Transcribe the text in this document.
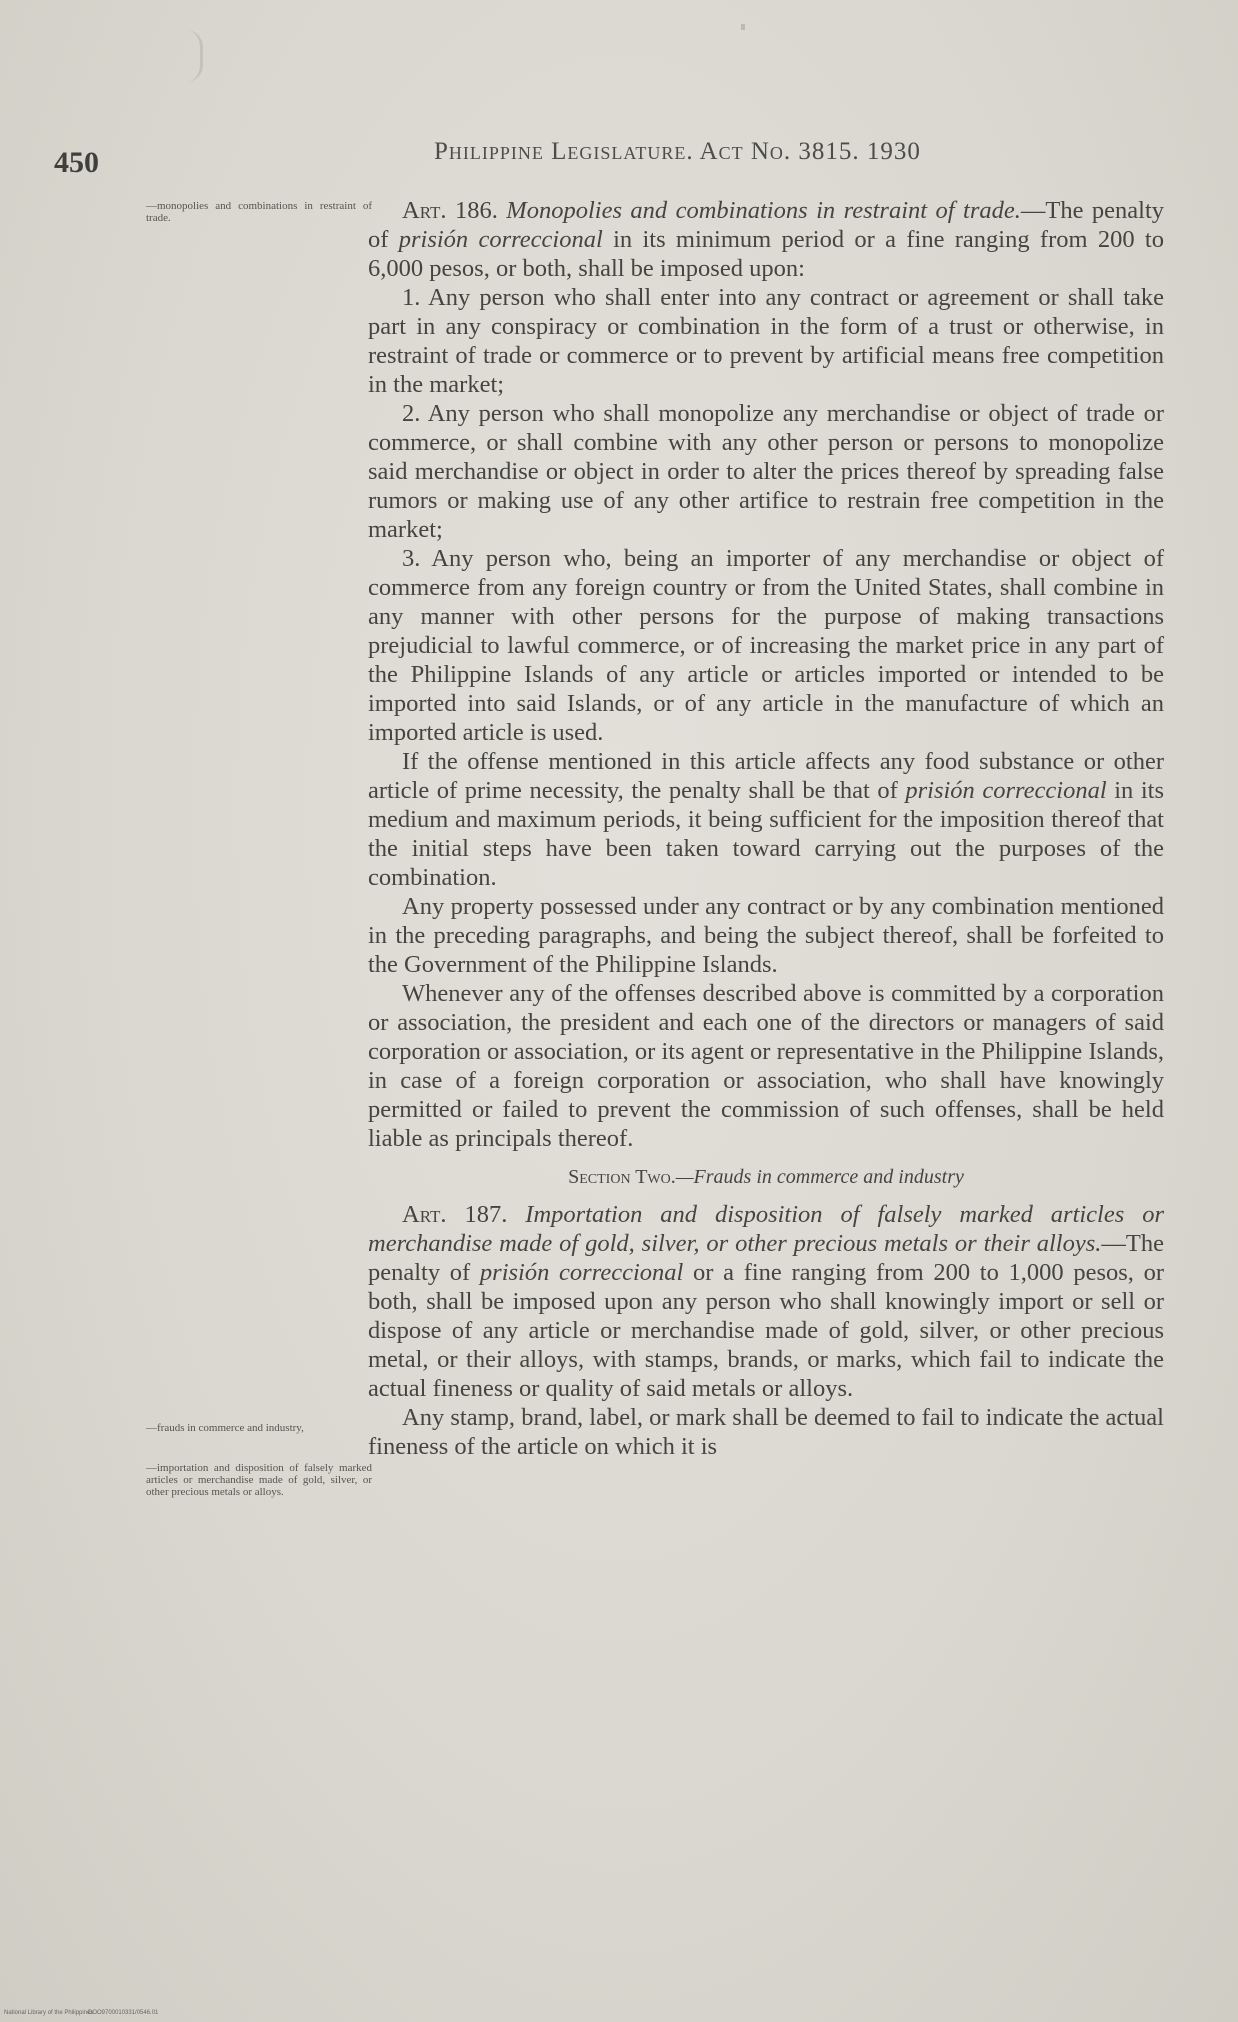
450	Philippine Legislature. Act No. 3815. 1930
—monopolies and combinations in restraint of trade.
—frauds in commerce and industry,
—importation and disposition of falsely marked articles or merchandise made of gold, silver, or other precious metals or alloys.

Art. 186. Monopolies and combinations in restraint of trade.—The penalty of prisión correccional in its minimum period or a fine ranging from 200 to 6,000 pesos, or both, shall be imposed upon:

1. Any person who shall enter into any contract or agreement or shall take part in any conspiracy or combination in the form of a trust or otherwise, in restraint of trade or commerce or to prevent by artificial means free competition in the market;

2. Any person who shall monopolize any merchandise or object of trade or commerce, or shall combine with any other person or persons to monopolize said merchandise or object in order to alter the prices thereof by spreading false rumors or making use of any other artifice to restrain free competition in the market;

3. Any person who, being an importer of any merchandise or object of commerce from any foreign country or from the United States, shall combine in any manner with other persons for the purpose of making transactions prejudicial to lawful commerce, or of increasing the market price in any part of the Philippine Islands of any article or articles imported or intended to be imported into said Islands, or of any article in the manufacture of which an imported article is used.

If the offense mentioned in this article affects any food substance or other article of prime necessity, the penalty shall be that of prisión correccional in its medium and maximum periods, it being sufficient for the imposition thereof that the initial steps have been taken toward carrying out the purposes of the combination.

Any property possessed under any contract or by any combination mentioned in the preceding paragraphs, and being the subject thereof, shall be forfeited to the Government of the Philippine Islands.

Whenever any of the offenses described above is committed by a corporation or association, the president and each one of the directors or managers of said corporation or association, or its agent or representative in the Philippine Islands, in case of a foreign corporation or association, who shall have knowingly permitted or failed to prevent the commission of such offenses, shall be held liable as principals thereof.

Section Two.—Frauds in commerce and industry

Art. 187. Importation and disposition of falsely marked articles or merchandise made of gold, silver, or other precious metals or their alloys.—The penalty of prisión correccional or a fine ranging from 200 to 1,000 pesos, or both, shall be imposed upon any person who shall knowingly import or sell or dispose of any article or merchandise made of gold, silver, or other precious metal, or their alloys, with stamps, brands, or marks, which fail to indicate the actual fineness or quality of said metals or alloys.

Any stamp, brand, label, or mark shall be deemed to fail to indicate the actual fineness of the article on which it is

National Library of the Philippines
DOO9700010331/0546.01
